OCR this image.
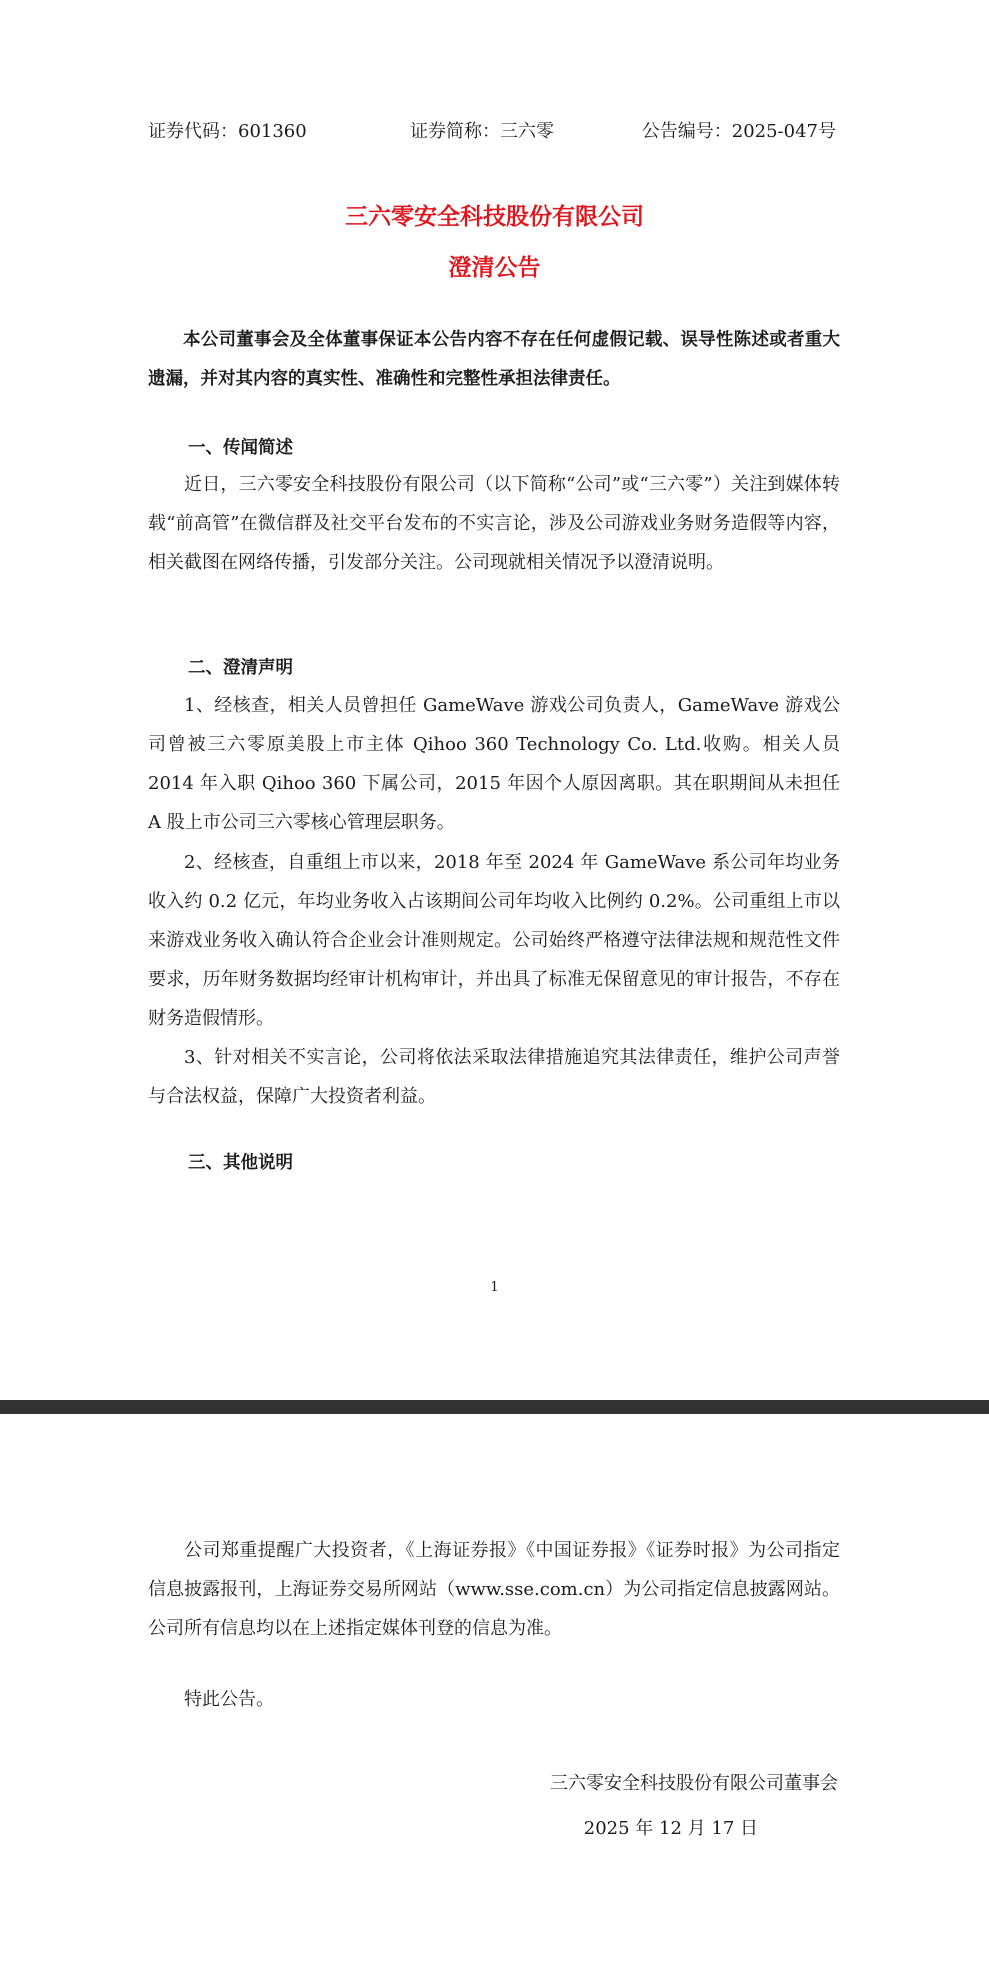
证券代码：601360	证券简称：三六零	公告编号：2025-047号
三六零安全科技股份有限公司
澄清公告

本公司董事会及全体董事保证本公告内容不存在任何虚假记载、误导性陈述或者重大遗漏，并对其内容的真实性、准确性和完整性承担法律责任。

一、传闻简述

近日，三六零安全科技股份有限公司（以下简称“公司”或“三六零”）关注到媒体转载“前高管”在微信群及社交平台发布的不实言论，涉及公司游戏业务财务造假等内容，相关截图在网络传播，引发部分关注。公司现就相关情况予以澄清说明。

二、澄清声明

1、经核查，相关人员曾担任 GameWave 游戏公司负责人，GameWave 游戏公司曾被三六零原美股上市主体 Qihoo 360 Technology Co. Ltd.收购。相关人员 2014 年入职 Qihoo 360 下属公司，2015 年因个人原因离职。其在职期间从未担任 A 股上市公司三六零核心管理层职务。

2、经核查，自重组上市以来，2018 年至 2024 年 GameWave 系公司年均业务收入约 0.2 亿元，年均业务收入占该期间公司年均收入比例约 0.2%。公司重组上市以来游戏业务收入确认符合企业会计准则规定。公司始终严格遵守法律法规和规范性文件要求，历年财务数据均经审计机构审计，并出具了标准无保留意见的审计报告，不存在财务造假情形。

3、针对相关不实言论，公司将依法采取法律措施追究其法律责任，维护公司声誉与合法权益，保障广大投资者利益。

三、其他说明
1

公司郑重提醒广大投资者，《上海证券报》《中国证券报》《证券时报》为公司指定信息披露报刊，上海证券交易所网站（www.sse.com.cn）为公司指定信息披露网站。公司所有信息均以在上述指定媒体刊登的信息为准。

特此公告。

三六零安全科技股份有限公司董事会
2025 年 12 月 17 日
